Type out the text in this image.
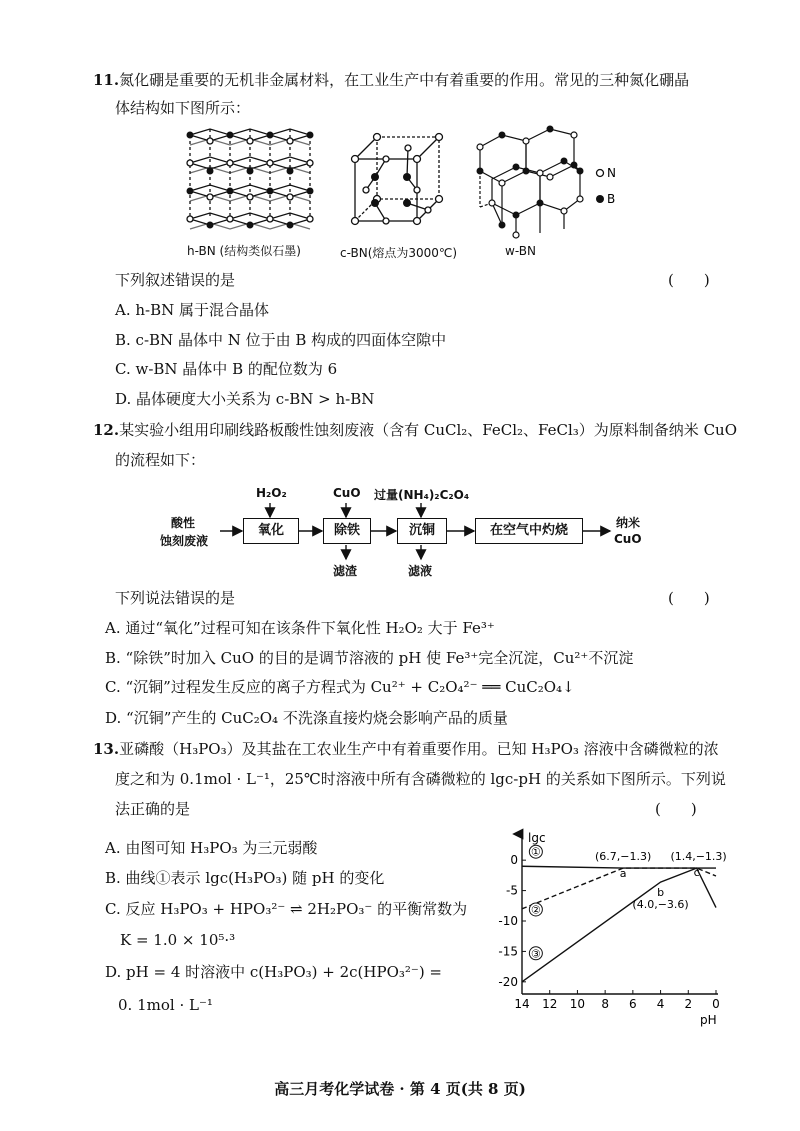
11.氮化硼是重要的无机非金属材料，在工业生产中有着重要的作用。常见的三种氮化硼晶
体结构如下图所示：
N
B
h-BN (结构类似石墨)	c-BN(熔点为3000℃)	w-BN
下列叙述错误的是	(　　)
A. h-BN 属于混合晶体
B. c-BN 晶体中 N 位于由 B 构成的四面体空隙中
C. w-BN 晶体中 B 的配位数为 6
D. 晶体硬度大小关系为 c-BN > h-BN
12.某实验小组用印刷线路板酸性蚀刻废液（含有 CuCl₂、FeCl₂、FeCl₃）为原料制备纳米 CuO
的流程如下：
酸性
蚀刻废液
氧化	除铁	沉铜	在空气中灼烧
H₂O₂	CuO 过量(NH₄)₂C₂O₄
滤渣	滤液
纳米
CuO
下列说法错误的是	(　　)
A. 通过“氧化”过程可知在该条件下氧化性 H₂O₂ 大于 Fe³⁺
B. “除铁”时加入 CuO 的目的是调节溶液的 pH 使 Fe³⁺完全沉淀，Cu²⁺不沉淀
C. “沉铜”过程发生反应的离子方程式为 Cu²⁺ + C₂O₄²⁻ ══ CuC₂O₄↓
D. “沉铜”产生的 CuC₂O₄ 不洗涤直接灼烧会影响产品的质量
13.亚磷酸（H₃PO₃）及其盐在工农业生产中有着重要作用。已知 H₃PO₃ 溶液中含磷微粒的浓
度之和为 0.1mol · L⁻¹，25℃时溶液中所有含磷微粒的 lgc-pH 的关系如下图所示。下列说
法正确的是	(　　)
A. 由图可知 H₃PO₃ 为三元弱酸
B. 曲线①表示 lgc(H₃PO₃) 随 pH 的变化
C. 反应 H₃PO₃ + HPO₃²⁻ ⇌ 2H₂PO₃⁻ 的平衡常数为
K = 1.0 × 10⁵·³
D. pH = 4 时溶液中 c(H₃PO₃) + 2c(HPO₃²⁻) =
0. 1mol · L⁻¹
lgc
pH
14 12 10 8 6 4 2 0
0
-5
-10
-15
-20
①
②
③
a
(6.7,−1.3)
b
(4.0,−3.6)
c
(1.4,−1.3)
高三月考化学试卷 · 第 4 页(共 8 页)
